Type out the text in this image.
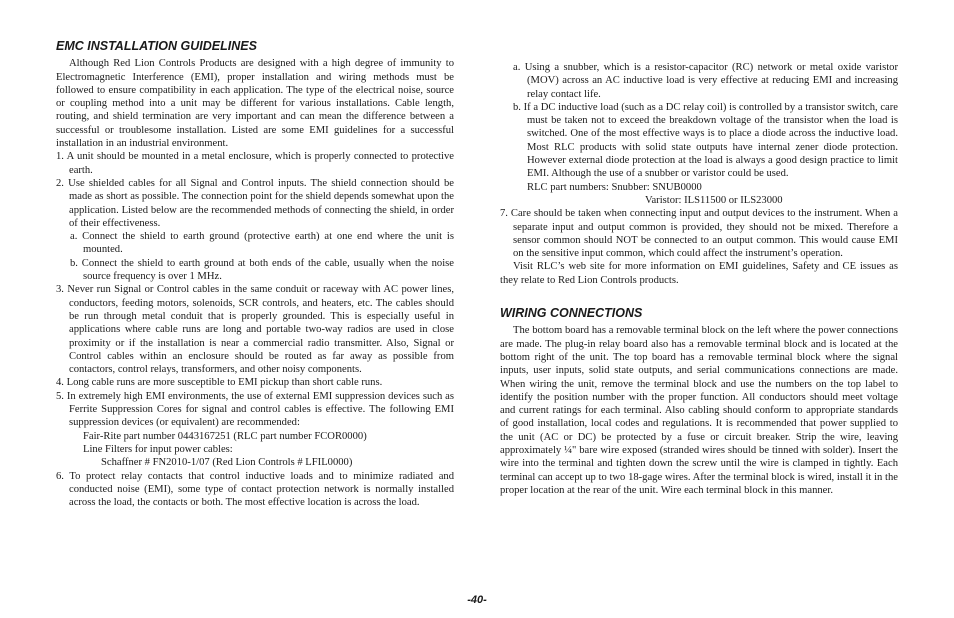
EMC INSTALLATION GUIDELINES

Although Red Lion Controls Products are designed with a high degree of immunity to Electromagnetic Interference (EMI), proper installation and wiring methods must be followed to ensure compatibility in each application. The type of the electrical noise, source or coupling method into a unit may be different for various installations. Cable length, routing, and shield termination are very important and can mean the difference between a successful or troublesome installation. Listed are some EMI guidelines for a successful installation in an industrial environment.

1. A unit should be mounted in a metal enclosure, which is properly connected to protective earth.

2. Use shielded cables for all Signal and Control inputs. The shield connection should be made as short as possible. The connection point for the shield depends somewhat upon the application. Listed below are the recommended methods of connecting the shield, in order of their effectiveness.

a. Connect the shield to earth ground (protective earth) at one end where the unit is mounted.

b. Connect the shield to earth ground at both ends of the cable, usually when the noise source frequency is over 1 MHz.

3. Never run Signal or Control cables in the same conduit or raceway with AC power lines, conductors, feeding motors, solenoids, SCR controls, and heaters, etc. The cables should be run through metal conduit that is properly grounded. This is especially useful in applications where cable runs are long and portable two-way radios are used in close proximity or if the installation is near a commercial radio transmitter. Also, Signal or Control cables within an enclosure should be routed as far away as possible from contactors, control relays, transformers, and other noisy components.

4. Long cable runs are more susceptible to EMI pickup than short cable runs.

5. In extremely high EMI environments, the use of external EMI suppression devices such as Ferrite Suppression Cores for signal and control cables is effective. The following EMI suppression devices (or equivalent) are recommended:

Fair-Rite part number 0443167251 (RLC part number FCOR0000)

Line Filters for input power cables:

Schaffner # FN2010-1/07 (Red Lion Controls # LFIL0000)

6. To protect relay contacts that control inductive loads and to minimize radiated and conducted noise (EMI), some type of contact protection network is normally installed across the load, the contacts or both. The most effective location is across the load.

a. Using a snubber, which is a resistor-capacitor (RC) network or metal oxide varistor (MOV) across an AC inductive load is very effective at reducing EMI and increasing relay contact life.

b. If a DC inductive load (such as a DC relay coil) is controlled by a transistor switch, care must be taken not to exceed the breakdown voltage of the transistor when the load is switched. One of the most effective ways is to place a diode across the inductive load. Most RLC products with solid state outputs have internal zener diode protection. However external diode protection at the load is always a good design practice to limit EMI. Although the use of a snubber or varistor could be used.

RLC part numbers: Snubber: SNUB0000

Varistor: ILS11500 or ILS23000

7. Care should be taken when connecting input and output devices to the instrument. When a separate input and output common is provided, they should not be mixed. Therefore a sensor common should NOT be connected to an output common. This would cause EMI on the sensitive input common, which could affect the instrument’s operation.

Visit RLC’s web site for more information on EMI guidelines, Safety and CE issues as they relate to Red Lion Controls products.

WIRING CONNECTIONS

The bottom board has a removable terminal block on the left where the power connections are made. The plug-in relay board also has a removable terminal block and is located at the bottom right of the unit. The top board has a removable terminal block where the signal inputs, user inputs, solid state outputs, and serial communications connections are made. When wiring the unit, remove the terminal block and use the numbers on the top label to identify the position number with the proper function. All conductors should meet voltage and current ratings for each terminal. Also cabling should conform to appropriate standards of good installation, local codes and regulations. It is recommended that power supplied to the unit (AC or DC) be protected by a fuse or circuit breaker. Strip the wire, leaving approximately ¼" bare wire exposed (stranded wires should be tinned with solder). Insert the wire into the terminal and tighten down the screw until the wire is clamped in tightly. Each terminal can accept up to two 18-gage wires. After the terminal block is wired, install it in the proper location at the rear of the unit. Wire each terminal block in this manner.

-40-
